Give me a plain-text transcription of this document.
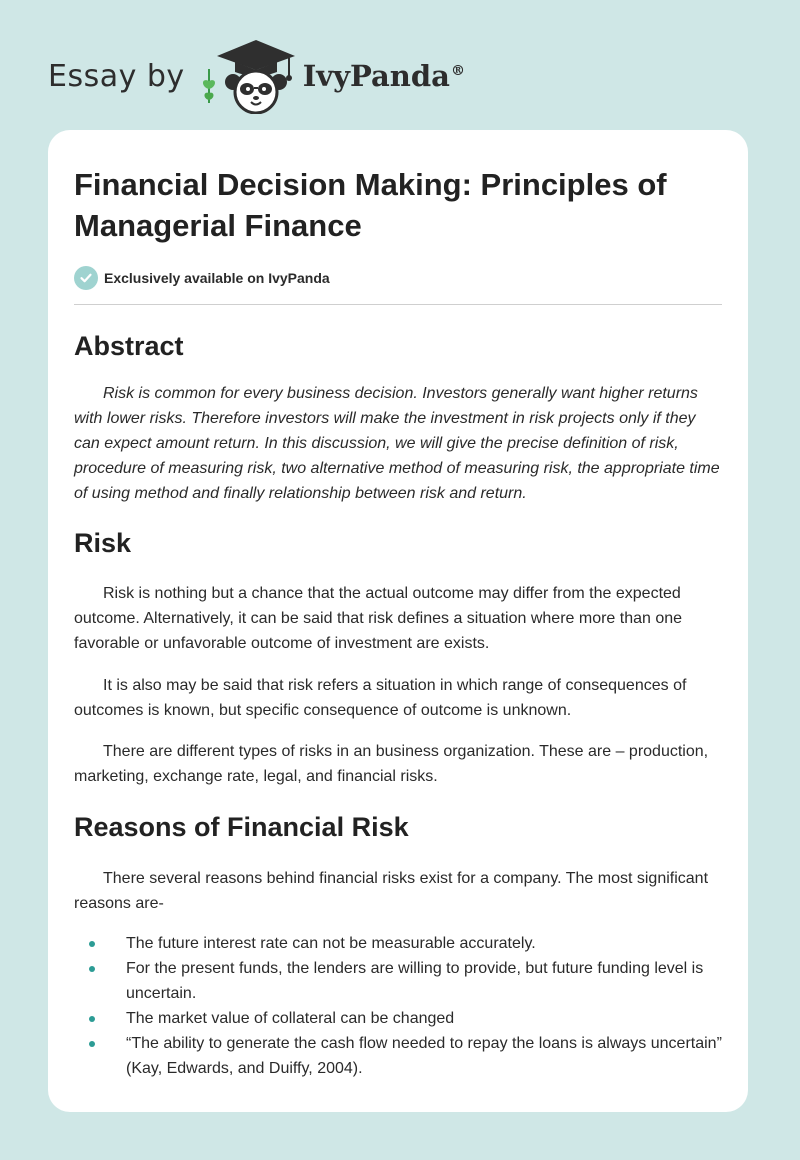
Essay by	IvyPanda®
Financial Decision Making: Principles of Managerial Finance
Exclusively available on IvyPanda
Abstract

Risk is common for every business decision. Investors generally want higher returns with lower risks. Therefore investors will make the investment in risk projects only if they can expect amount return. In this discussion, we will give the precise definition of risk, procedure of measuring risk, two alternative method of measuring risk, the appropriate time of using method and finally relationship between risk and return.

Risk

Risk is nothing but a chance that the actual outcome may differ from the expected outcome. Alternatively, it can be said that risk defines a situation where more than one favorable or unfavorable outcome of investment are exists.

It is also may be said that risk refers a situation in which range of consequences of outcomes is known, but specific consequence of outcome is unknown.

There are different types of risks in an business organization. These are – production, marketing, exchange rate, legal, and financial risks.

Reasons of Financial Risk

There several reasons behind financial risks exist for a company. The most significant reasons are-

The future interest rate can not be measurable accurately.
For the present funds, the lenders are willing to provide, but future funding level is uncertain.
The market value of collateral can be changed
“The ability to generate the cash flow needed to repay the loans is always uncertain” (Kay, Edwards, and Duiffy, 2004).
